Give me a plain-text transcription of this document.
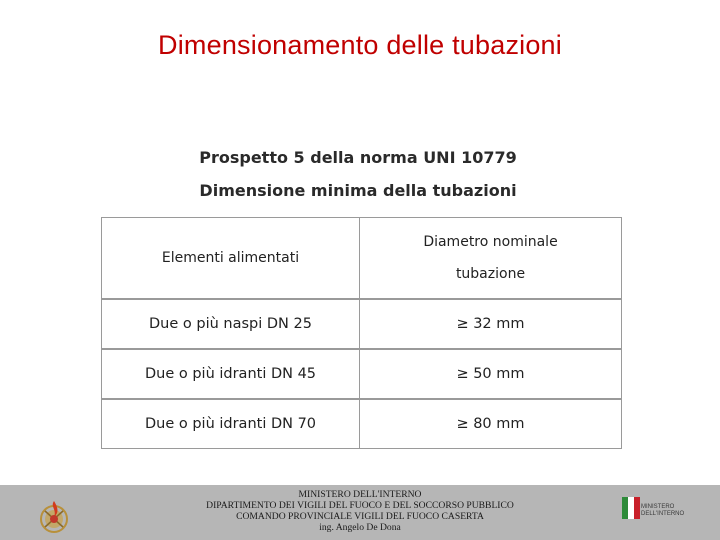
Dimensionamento delle tubazioni
Prospetto 5 della norma UNI 10779
Dimensione minima della tubazioni
Elementi alimentati	Diametro nominale
tubazione

Due o più naspi DN 25	≥ 32 mm
Due o più idranti DN 45	≥ 50 mm
Due o più idranti DN 70	≥ 80 mm
MINISTERO DELL'INTERNO
DIPARTIMENTO DEI VIGILI DEL FUOCO E DEL SOCCORSO PUBBLICO
COMANDO PROVINCIALE VIGILI DEL FUOCO CASERTA
ing. Angelo De Dona
MINISTERO DELL'INTERNO
